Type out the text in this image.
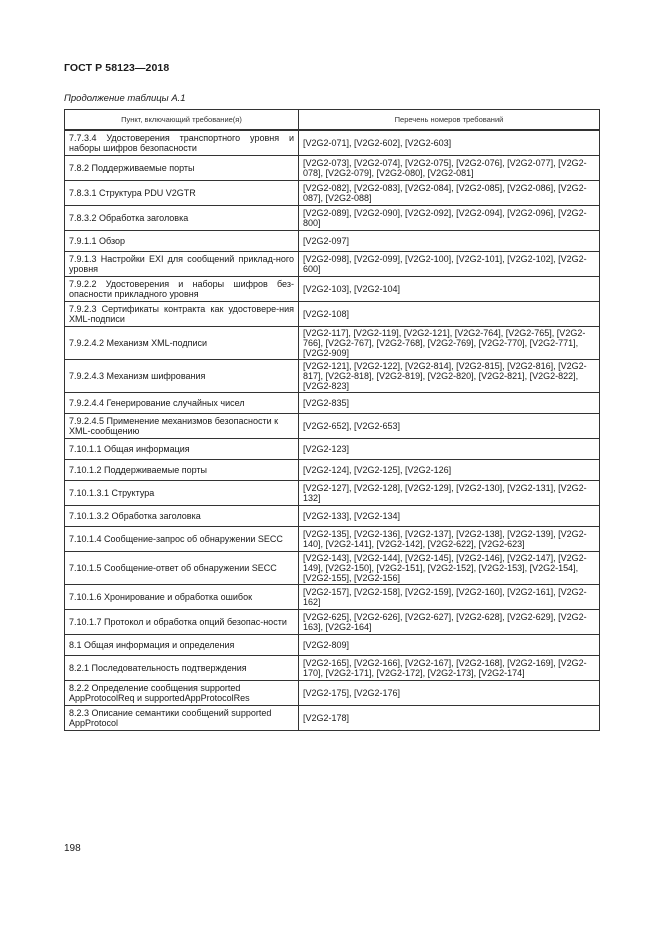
ГОСТ Р 58123—2018
Продолжение таблицы А.1
Пункт, включающий требование(я)	Перечень номеров требований
7.7.3.4 Удостоверения транспортного уровня и наборы шифров безопасности	[V2G2-071], [V2G2-602], [V2G2-603]
7.8.2 Поддерживаемые порты	[V2G2-073], [V2G2-074], [V2G2-075], [V2G2-076], [V2G2-077], [V2G2-078], [V2G2-079], [V2G2-080], [V2G2-081]
7.8.3.1 Структура PDU V2GTR	[V2G2-082], [V2G2-083], [V2G2-084], [V2G2-085], [V2G2-086], [V2G2-087], [V2G2-088]
7.8.3.2 Обработка заголовка	[V2G2-089], [V2G2-090], [V2G2-092], [V2G2-094], [V2G2-096], [V2G2-800]
7.9.1.1 Обзор	[V2G2-097]
7.9.1.3 Настройки EXI для сообщений приклад-ного уровня	[V2G2-098], [V2G2-099], [V2G2-100], [V2G2-101], [V2G2-102], [V2G2-600]
7.9.2.2 Удостоверения и наборы шифров без-опасности прикладного уровня	[V2G2-103], [V2G2-104]
7.9.2.3 Сертификаты контракта как удостовере-ния XML-подписи	[V2G2-108]
7.9.2.4.2 Механизм XML-подписи	[V2G2-117], [V2G2-119], [V2G2-121], [V2G2-764], [V2G2-765], [V2G2-766], [V2G2-767], [V2G2-768], [V2G2-769], [V2G2-770], [V2G2-771], [V2G2-909]
7.9.2.4.3 Механизм шифрования	[V2G2-121], [V2G2-122], [V2G2-814], [V2G2-815], [V2G2-816], [V2G2-817], [V2G2-818], [V2G2-819], [V2G2-820], [V2G2-821], [V2G2-822], [V2G2-823]
7.9.2.4.4 Генерирование случайных чисел	[V2G2-835]
7.9.2.4.5 Применение механизмов безопасности к XML-сообщению	[V2G2-652], [V2G2-653]
7.10.1.1 Общая информация	[V2G2-123]
7.10.1.2 Поддерживаемые порты	[V2G2-124], [V2G2-125], [V2G2-126]
7.10.1.3.1 Структура	[V2G2-127], [V2G2-128], [V2G2-129], [V2G2-130], [V2G2-131], [V2G2-132]
7.10.1.3.2 Обработка заголовка	[V2G2-133], [V2G2-134]
7.10.1.4 Сообщение-запрос об обнаружении SECC	[V2G2-135], [V2G2-136], [V2G2-137], [V2G2-138], [V2G2-139], [V2G2-140], [V2G2-141], [V2G2-142], [V2G2-622], [V2G2-623]
7.10.1.5 Сообщение-ответ об обнаружении SECC	[V2G2-143], [V2G2-144], [V2G2-145], [V2G2-146], [V2G2-147], [V2G2-149], [V2G2-150], [V2G2-151], [V2G2-152], [V2G2-153], [V2G2-154], [V2G2-155], [V2G2-156]
7.10.1.6 Хронирование и обработка ошибок	[V2G2-157], [V2G2-158], [V2G2-159], [V2G2-160], [V2G2-161], [V2G2-162]
7.10.1.7 Протокол и обработка опций безопас-ности	[V2G2-625], [V2G2-626], [V2G2-627], [V2G2-628], [V2G2-629], [V2G2-163], [V2G2-164]
8.1 Общая информация и определения	[V2G2-809]
8.2.1 Последовательность подтверждения	[V2G2-165], [V2G2-166], [V2G2-167], [V2G2-168], [V2G2-169], [V2G2-170], [V2G2-171], [V2G2-172], [V2G2-173], [V2G2-174]
8.2.2 Определение сообщения supported AppProtocolReq и supportedAppProtocolRes	[V2G2-175], [V2G2-176]
8.2.3 Описание семантики сообщений supported AppProtocol	[V2G2-178]
198
